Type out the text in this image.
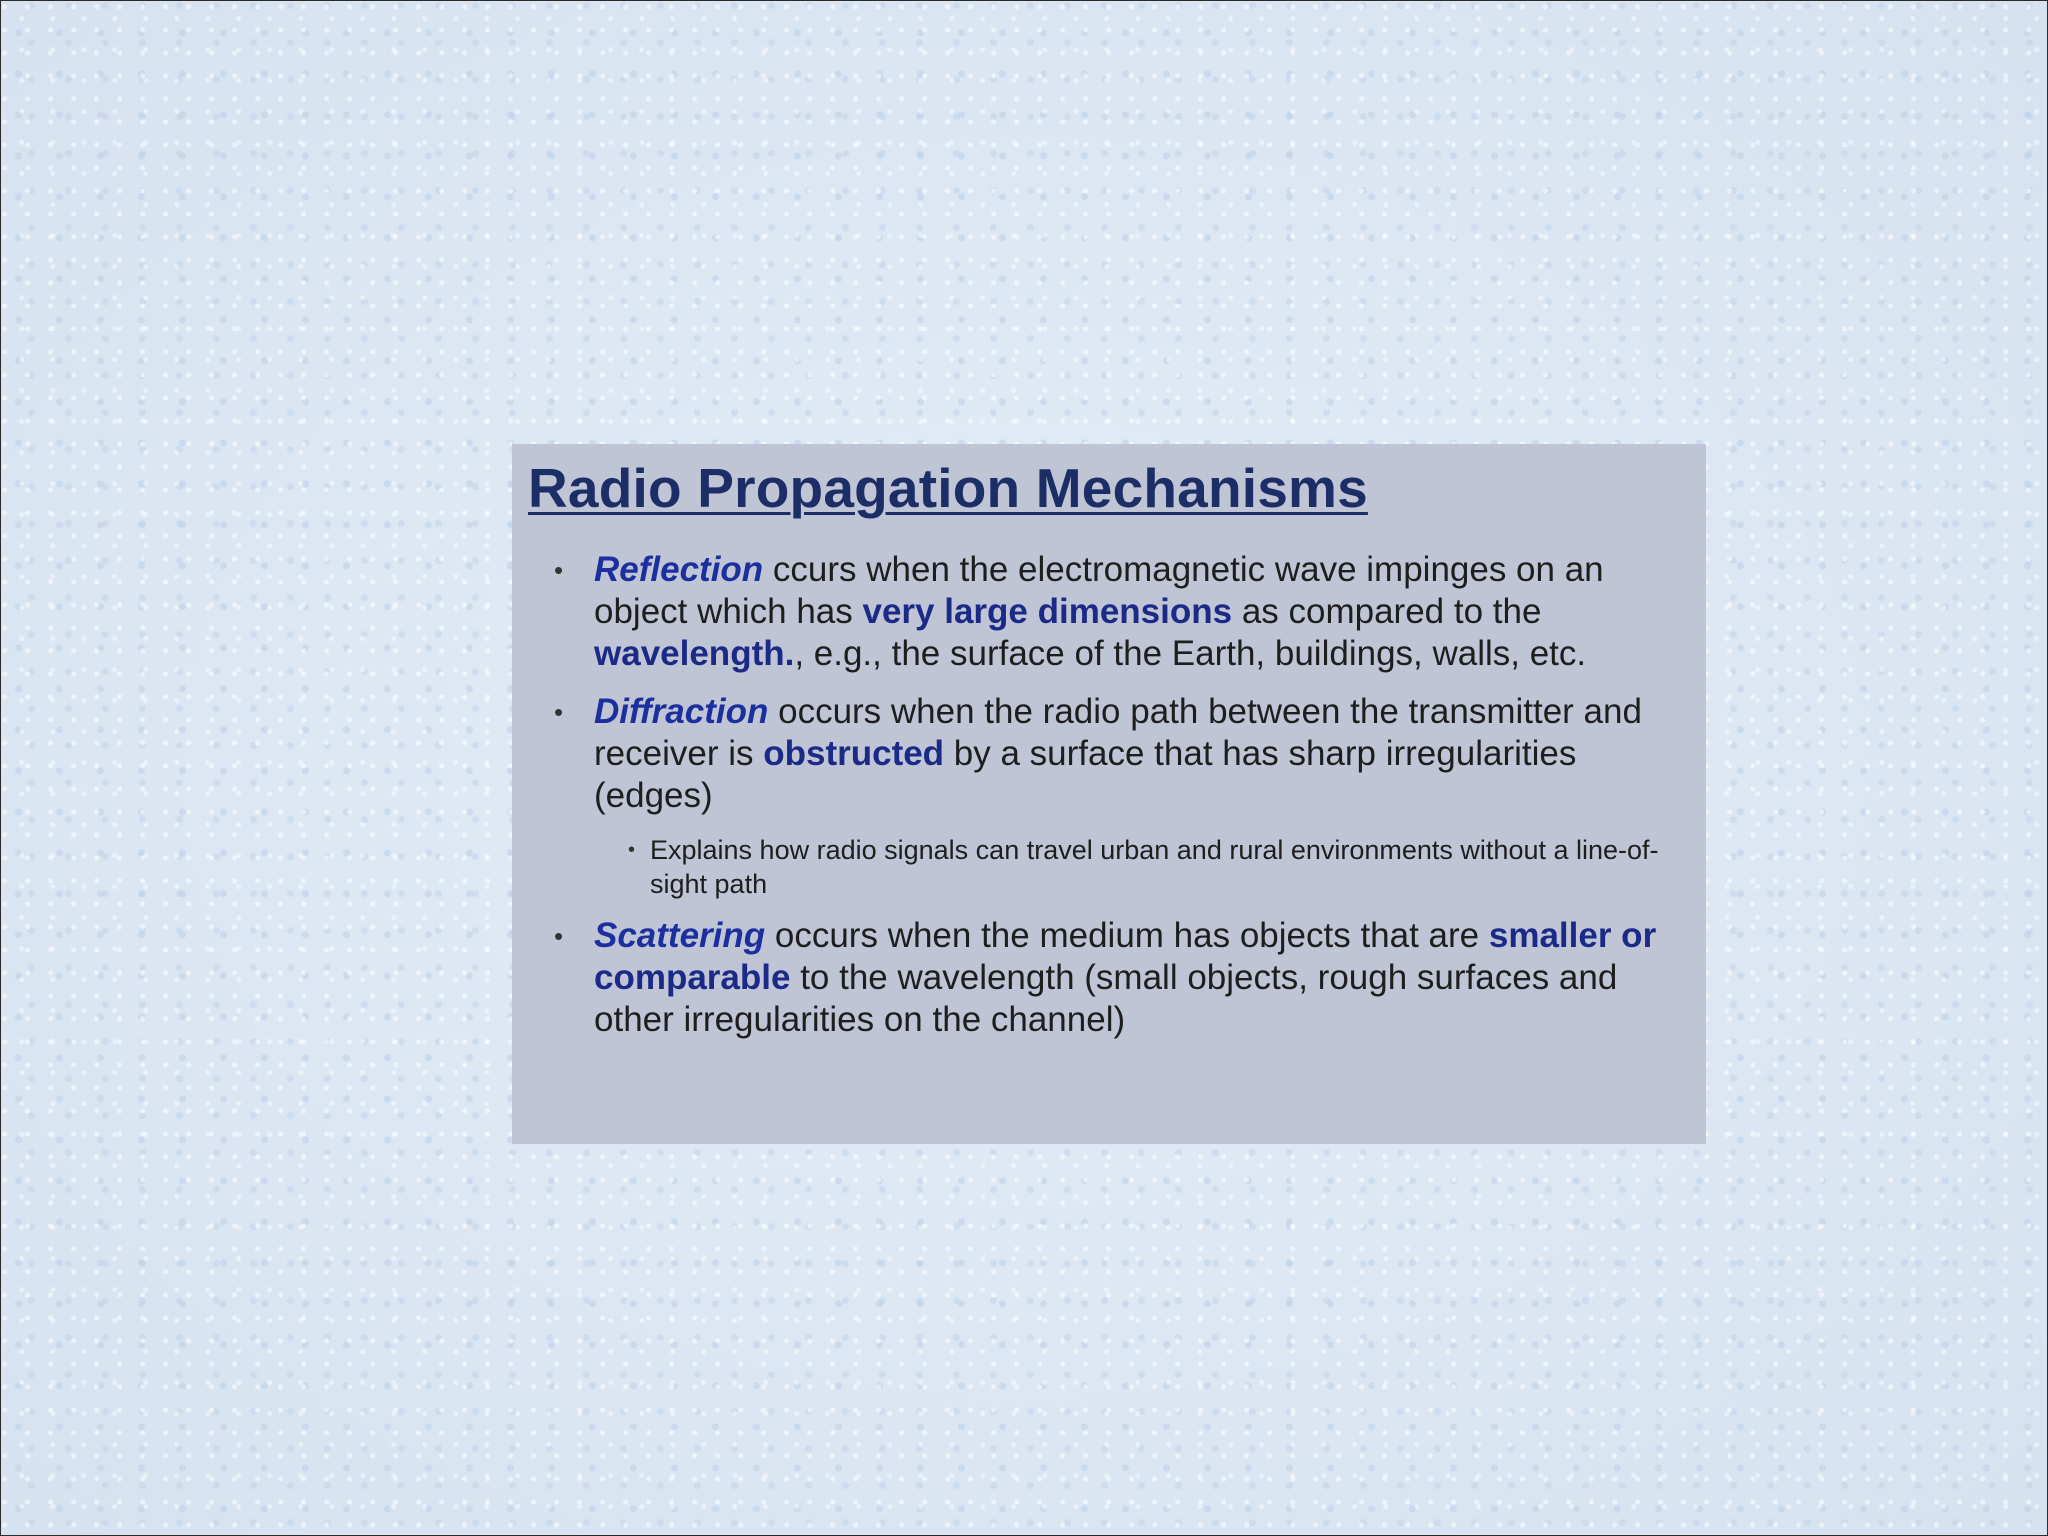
Radio Propagation Mechanisms
• Reflection ccurs when the electromagnetic wave impinges on an object which has very large dimensions as compared to the wavelength., e.g., the surface of the Earth, buildings, walls, etc.
• Diffraction occurs when the radio path between the transmitter and receiver is obstructed by a surface that has sharp irregularities (edges)
• Explains how radio signals can travel urban and rural environments without a line-of-sight path
• Scattering occurs when the medium has objects that are smaller or comparable to the wavelength (small objects, rough surfaces and other irregularities on the channel)
